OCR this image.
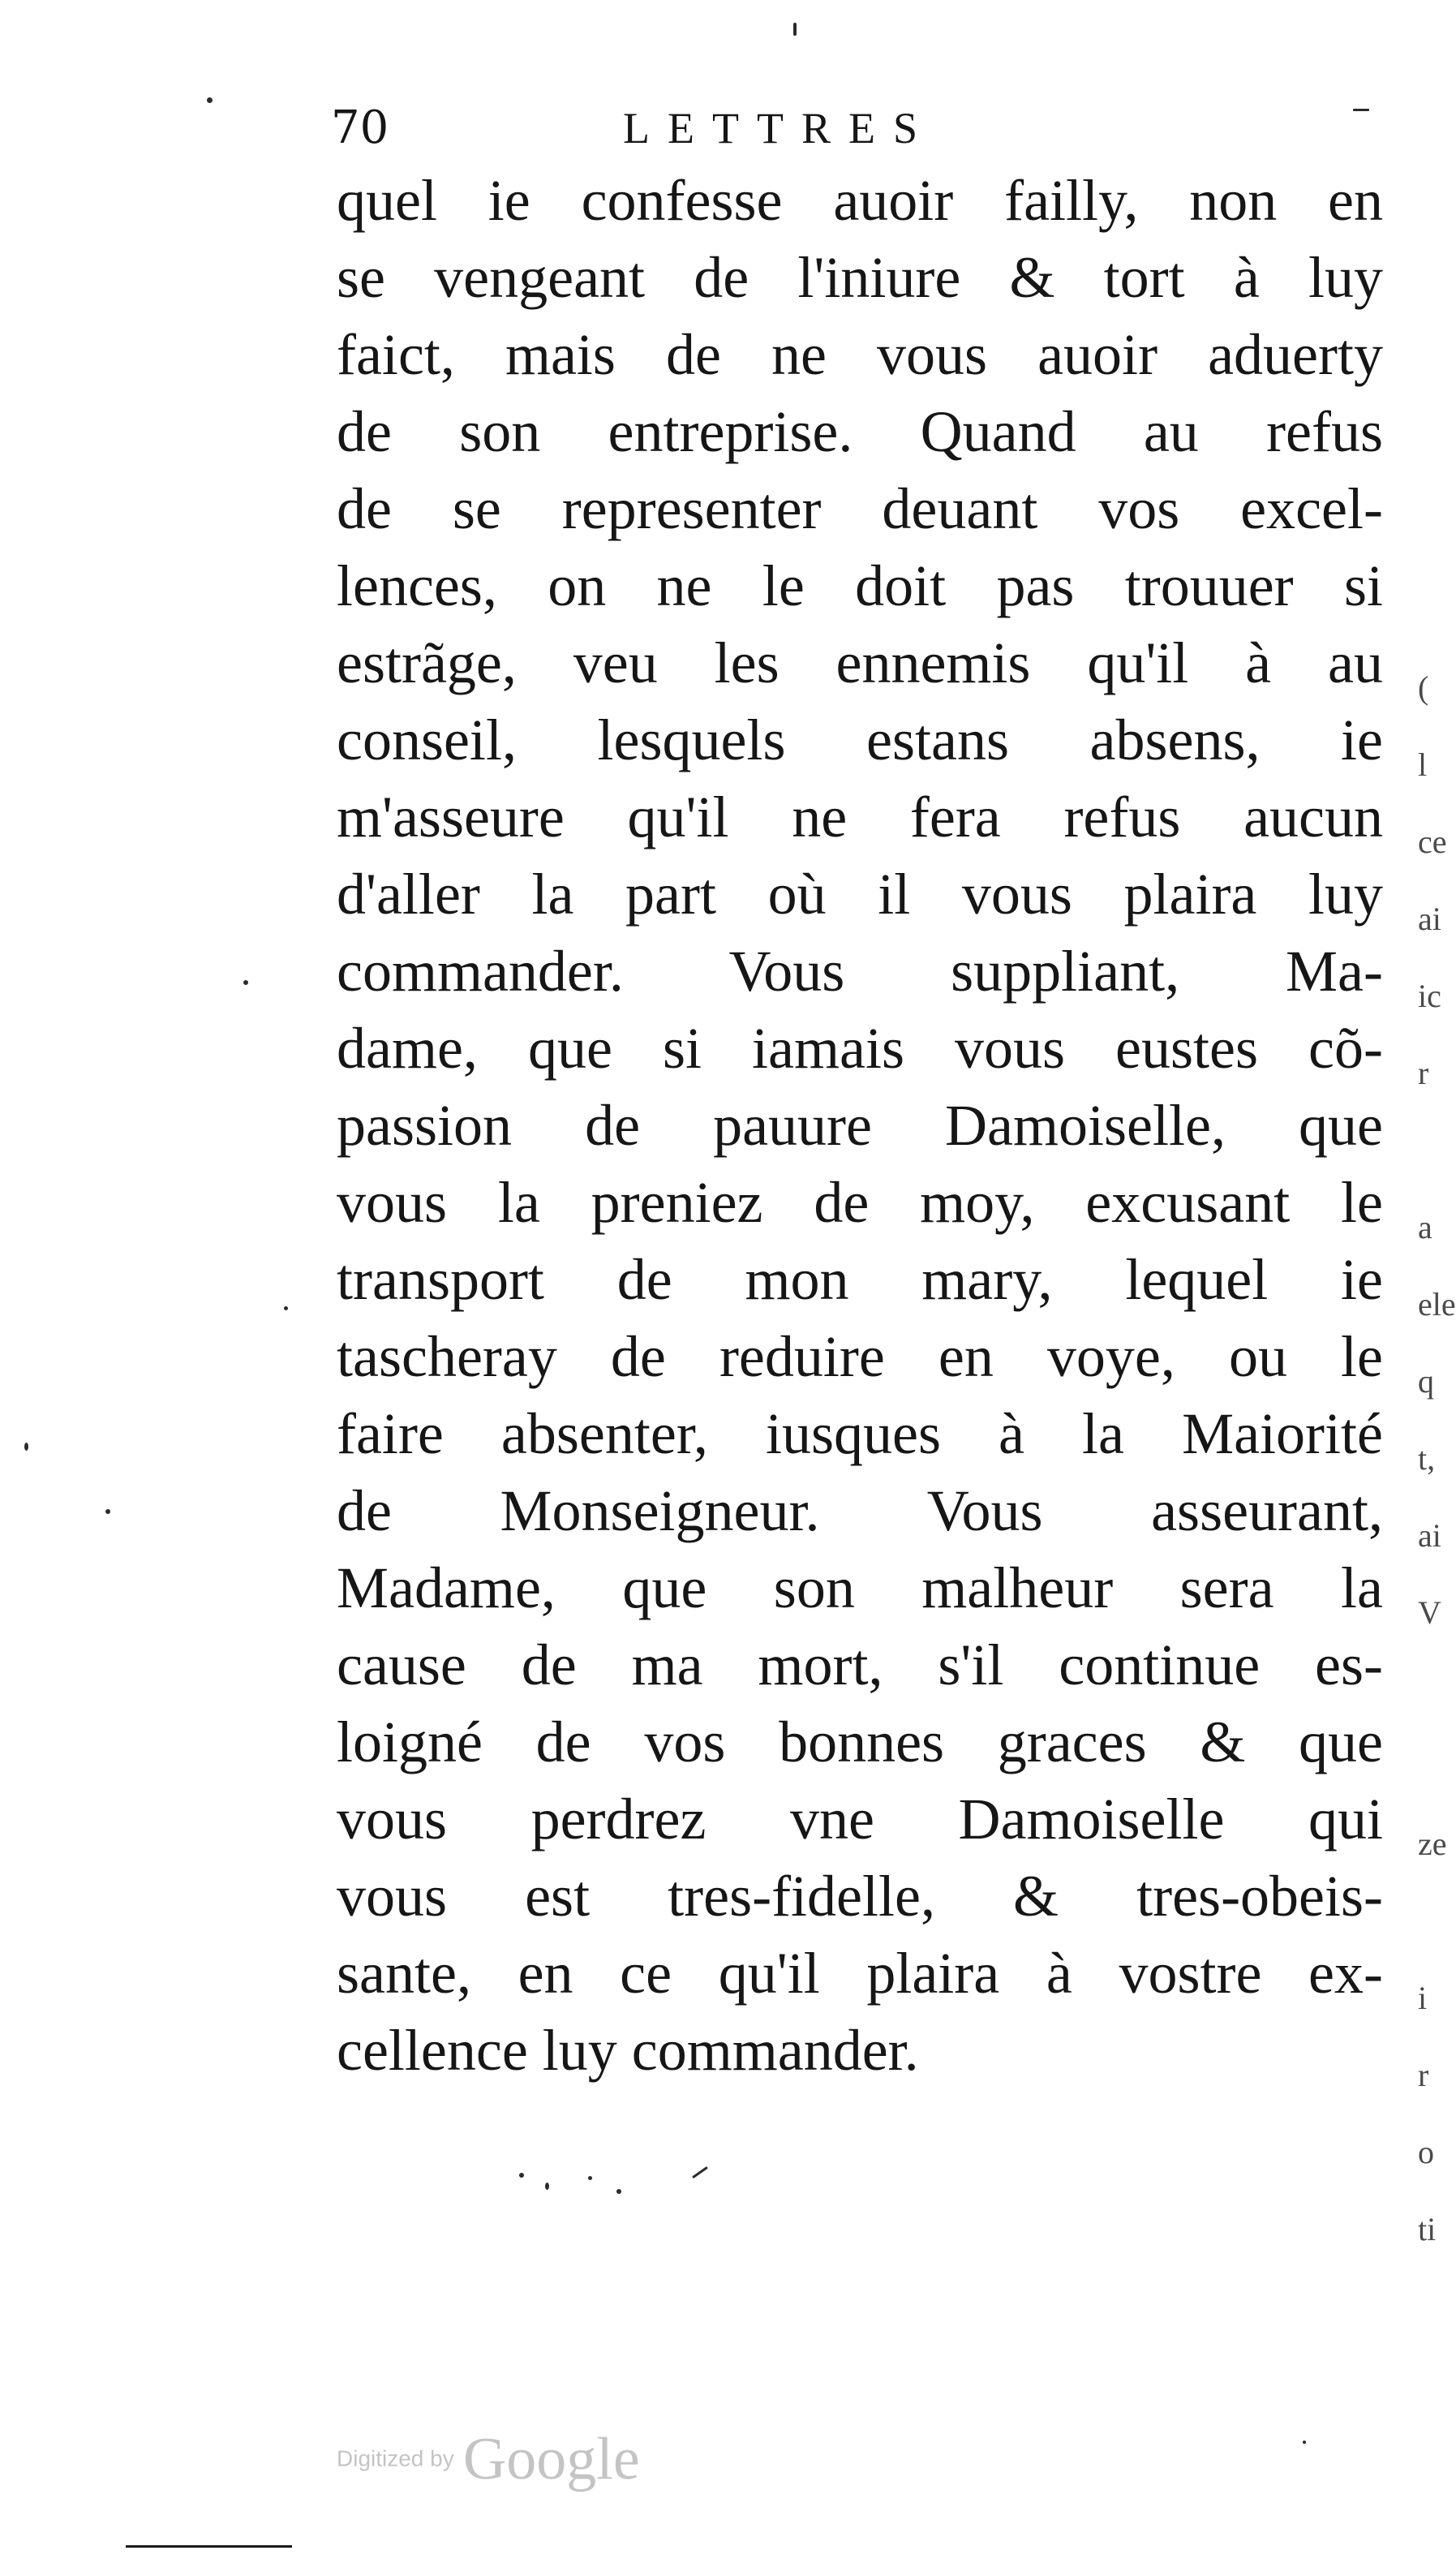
70	LETTRES
quel ie confesse auoir failly, non en
se vengeant de l'iniure & tort à luy
faict, mais de ne vous auoir aduerty
de son entreprise. Quand au refus
de se representer deuant vos excel-
lences, on ne le doit pas trouuer si
estrãge, veu les ennemis qu'il à au
conseil, lesquels estans absens, ie
m'asseure qu'il ne fera refus aucun
d'aller la part où il vous plaira luy
commander. Vous suppliant, Ma-
dame, que si iamais vous eustes cõ-
passion de pauure Damoiselle, que
vous la preniez de moy, excusant le
transport de mon mary, lequel ie
tascheray de reduire en voye, ou le
faire absenter, iusques à la Maiorité
de Monseigneur. Vous asseurant,
Madame, que son malheur sera la
cause de ma mort, s'il continue es-
loigné de vos bonnes graces & que
vous perdrez vne Damoiselle qui
vous est tres-fidelle, & tres-obeis-
sante, en ce qu'il plaira à vostre ex-
cellence luy commander.
(
l
ce
ai
ic
r
a
ele
q
t,
ai
V
ze
i
r
o
ti
Digitized by Google
